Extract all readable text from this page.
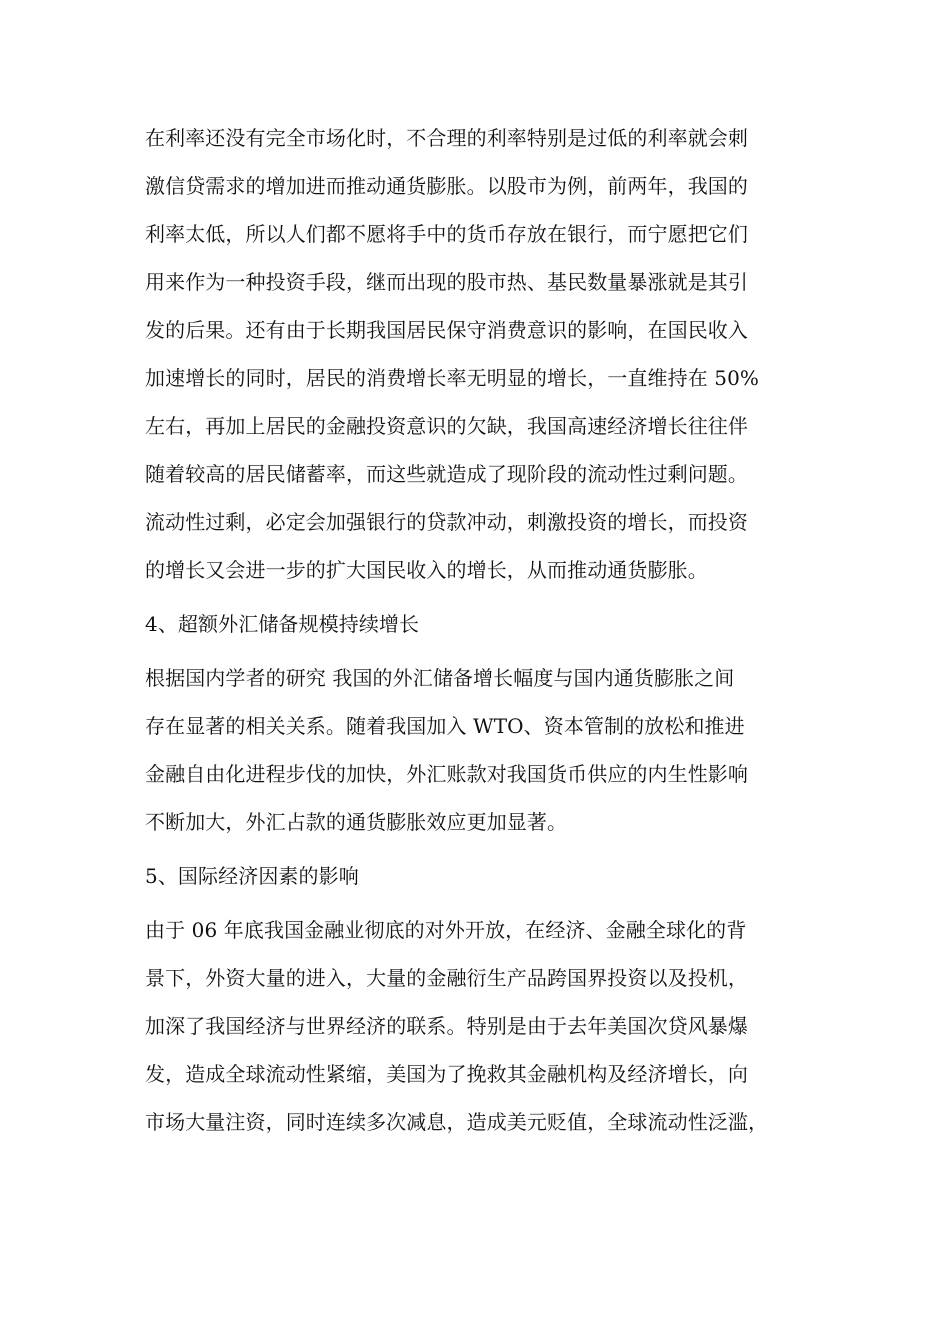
在利率还没有完全市场化时，不合理的利率特别是过低的利率就会刺
激信贷需求的增加进而推动通货膨胀。以股市为例，前两年，我国的
利率太低，所以人们都不愿将手中的货币存放在银行，而宁愿把它们
用来作为一种投资手段，继而出现的股市热、基民数量暴涨就是其引
发的后果。还有由于长期我国居民保守消费意识的影响，在国民收入
加速增长的同时，居民的消费增长率无明显的增长，一直维持在 50%
左右，再加上居民的金融投资意识的欠缺，我国高速经济增长往往伴
随着较高的居民储蓄率，而这些就造成了现阶段的流动性过剩问题。
流动性过剩，必定会加强银行的贷款冲动，刺激投资的增长，而投资
的增长又会进一步的扩大国民收入的增长，从而推动通货膨胀。
4、超额外汇储备规模持续增长
根据国内学者的研究 我国的外汇储备增长幅度与国内通货膨胀之间
存在显著的相关关系。随着我国加入 WTO、资本管制的放松和推进
金融自由化进程步伐的加快，外汇账款对我国货币供应的内生性影响
不断加大，外汇占款的通货膨胀效应更加显著。
5、国际经济因素的影响
由于 06 年底我国金融业彻底的对外开放，在经济、金融全球化的背
景下，外资大量的进入，大量的金融衍生产品跨国界投资以及投机，
加深了我国经济与世界经济的联系。特别是由于去年美国次贷风暴爆
发，造成全球流动性紧缩，美国为了挽救其金融机构及经济增长，向
市场大量注资，同时连续多次减息，造成美元贬值，全球流动性泛滥，
